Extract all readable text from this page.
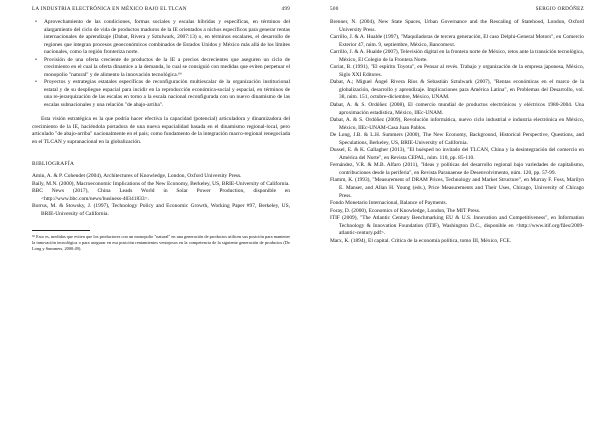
LA INDUSTRIA ELECTRÓNICA EN MÉXICO BAJO EL TLCAN	499
• Aprovechamiento de las condiciones, formas sociales y escalas híbridas y específicas, en términos del alargamiento del ciclo de vida de productos maduros de la IE orientados a nichos específicos para generar rentas internacionales de aprendizaje (Dabat, Rivera y Sztulwark, 2007:13) o, en términos escalares, el desarrollo de regiones que integran procesos geoeconómicos combinados de Estados Unidos y México más allá de los límites nacionales, como la región fronteriza norte.
• Provisión de una oferta creciente de productos de la IE a precios decrecientes que aseguren un ciclo de crecimiento en el cual la oferta dinamice a la demanda, lo cual se consiguió con medidas que eviten perpetuar el monopolio "natural" y de alimento la innovación tecnológica.⁶⁶
• Proyectos y estrategias estatales específicas de reconfiguración multiescalar de la organización institucional estatal y de su despliegue espacial para incidir en la reproducción económica-social y espacial, en términos de una re-jerarquización de las escalas en torno a la escala nacional reconfigurada con un nuevo dinamismo de las escalas subnacionales y una relación "de abajo-arriba".
Esta visión estratégica es la que podría hacer efectiva la capacidad (potencial) articuladora y dinamizadora del crecimiento de la IE, haciéndola portadora de una nueva espacialidad basada en el dinamismo regional-local, pero articulado "de abajo-arriba" nacionalmente en el país; como fundamento de la integración macro-regional renegociada en el TLCAN y supranacional en la globalización.
BIBLIOGRAFÍA
Amin, A. & P. Cohendet (2004), Architectures of Knowledge, London, Oxford University Press.
Baily, M.N. (2000), Macroeconomic Implications of the New Economy, Berkeley, US, BRIE-University of California.
BBC News (2017), China Leads World in Solar Power Production, disponible en <http://www.bbc.com/news/business-40341833>.
Borrus, M. & Stowsky, J. (1997), Technology Policy and Economic Growth, Working Paper #97, Berkeley, US, BRIE-University of California.
⁶⁶ Esto es, medidas que eviten que los productores con un monopolio "natural" en una generación de productos utilicen sus posición para mantener la innovación tecnológica o para asegurar en esa posición rentamientos ventajosos en la competencia de la siguiente generación de productos (De Long y Summers, 2000:49).
500	SERGIO ORDÓÑEZ
Brenner, N. (2004), New State Spaces, Urban Governance and the Rescaling of Statehood, London, Oxford University Press.
Carrillo, J. & A. Hualde (1997), "Maquiladoras de tercera generación, El caso Delphi-General Motors", en Comercio Exterior 47, núm. 9, septiembre, México, Bancomext.
Carrillo, J. & A. Hualde (2007), Televisión digital en la frontera norte de México, retos ante la transición tecnológica, México, El Colegio de la Frontera Norte.
Coriat, B. (1991), "El espíritu Toyota", en Pensar al revés. Trabajo y organización de la empresa japonesa, México, Siglo XXI Editores.
Dabat, A.; Miguel Ángel Rivera Ríos & Sebastián Sztulwark (2007), "Rentas económicas en el marco de la globalización, desarrollo y aprendizaje. Implicaciones para América Latina", en Problemas del Desarrollo, vol. 38, núm. 151, octubre-diciembre, México, UNAM.
Dabat, A. & S. Ordóñez (2008), El comercio mundial de productos electrónicos y eléctricos 1980-2004. Una aproximación estadística, México, IIEc-UNAM.
Dabat, A. & S. Ordóñez (2009), Revolución informática, nuevo ciclo industrial e industria electrónica en México, México, IIEc-UNAM-Casa Juan Pablos.
De Long, J.B. & L.H. Summers (2000), The New Economy, Background, Historical Perspective, Questions, and Speculations, Berkeley, US, BRIE-University of California.
Dussel, E. & K. Gallagher (2013), "El huésped no invitado del TLCAN, China y la desintegración del comercio en América del Norte", en Revista CEPAL, núm. 110, pp. 85-110.
Fernández, V.R. & M.B. Alfaro (2011), "Ideas y políticas del desarrollo regional bajo variedades de capitalismo, contribuciones desde la periferia", en Revista Paranaense de Desenvolvimento, núm. 120, pp. 57-99.
Flamm, K. (1993), "Measurement of DRAM Prices, Technology and Market Structure", en Murray F. Foss, Marilyn E. Manser, and Allan H. Young (eds.), Price Measurements and Their Uses, Chicago, University of Chicago Press.
Fondo Monetario Internacional, Balance of Payments.
Foray, D. (2000), Economics of Knowledge, London, The MIT Press.
ITIF (2009), "The Atlantic Century Benchmarking EU & U.S. Innovation and Competitiveness", en Information Technology & Innovation Foundation (ITIF), Washington D.C., disponible en <http://www.itif.org/files/2009-atlantic-century.pdf>.
Marx, K. (1894), El capital. Crítica de la economía política, tomo III, México, FCE.
